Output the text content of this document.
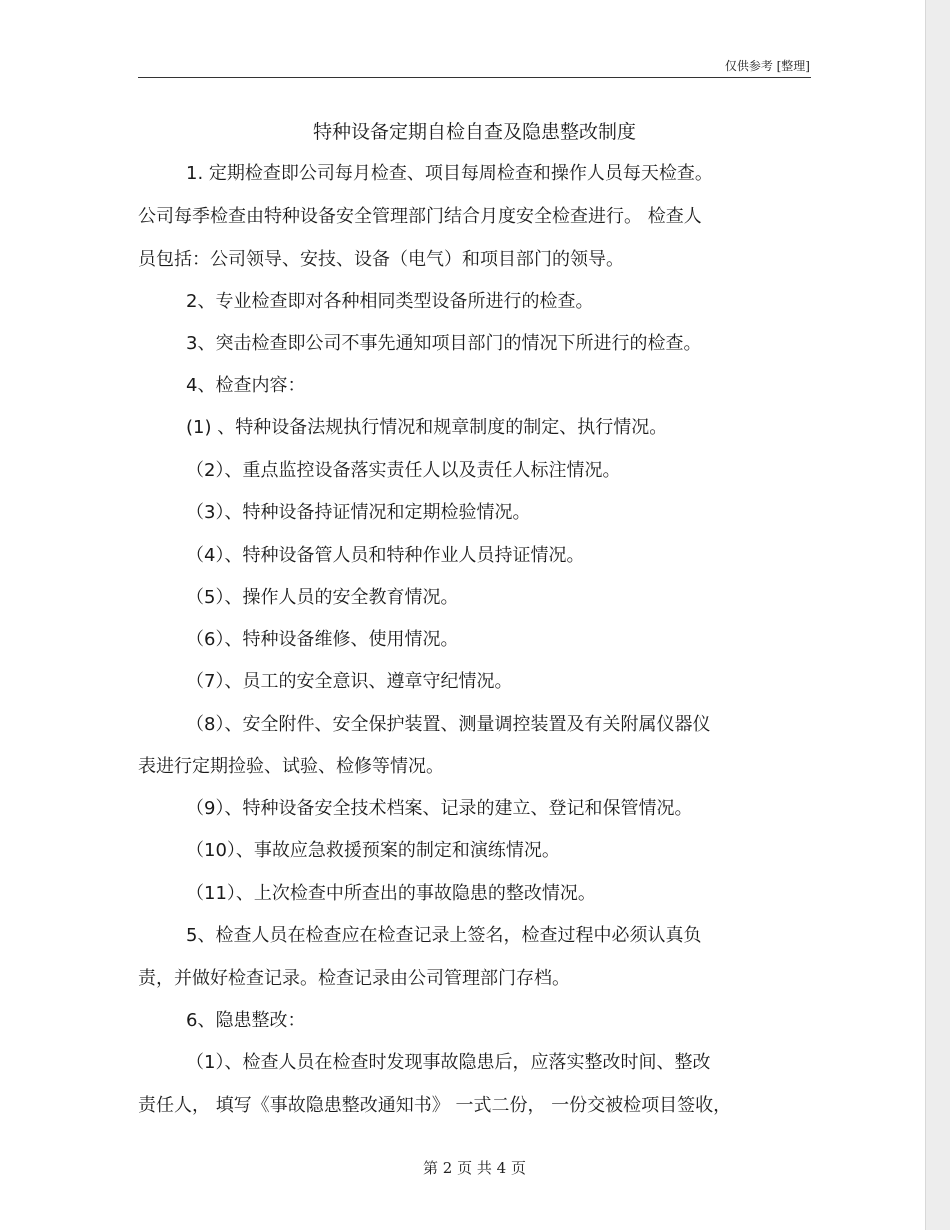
仅供参考 [整理]
特种设备定期自检自查及隐患整改制度
1. 定期检查即公司每月检查、项目每周检查和操作人员每天检查。
公司每季检查由特种设备安全管理部门结合月度安全检查进行。 检查人
员包括：公司领导、安技、设备（电气）和项目部门的领导。
2、专业检查即对各种相同类型设备所进行的检查。
3、突击检查即公司不事先通知项目部门的情况下所进行的检查。
4、检查内容：
(1) 、特种设备法规执行情况和规章制度的制定、执行情况。
（2）、重点监控设备落实责任人以及责任人标注情况。
（3）、特种设备持证情况和定期检验情况。
（4）、特种设备管人员和特种作业人员持证情况。
（5）、操作人员的安全教育情况。
（6）、特种设备维修、使用情况。
（7）、员工的安全意识、遵章守纪情况。
（8）、安全附件、安全保护装置、测量调控装置及有关附属仪器仪
表进行定期捡验、试验、检修等情况。
（9）、特种设备安全技术档案、记录的建立、登记和保管情况。
（10）、事故应急救援预案的制定和演练情况。
（11）、上次检查中所查出的事故隐患的整改情况。
5、检查人员在检查应在检查记录上签名，检查过程中必须认真负
责，并做好检查记录。检查记录由公司管理部门存档。
6、隐患整改：
（1）、检查人员在检查时发现事故隐患后，应落实整改时间、整改
责任人， 填写《事故隐患整改通知书》 一式二份， 一份交被检项目签收，
第 2 页 共 4 页
